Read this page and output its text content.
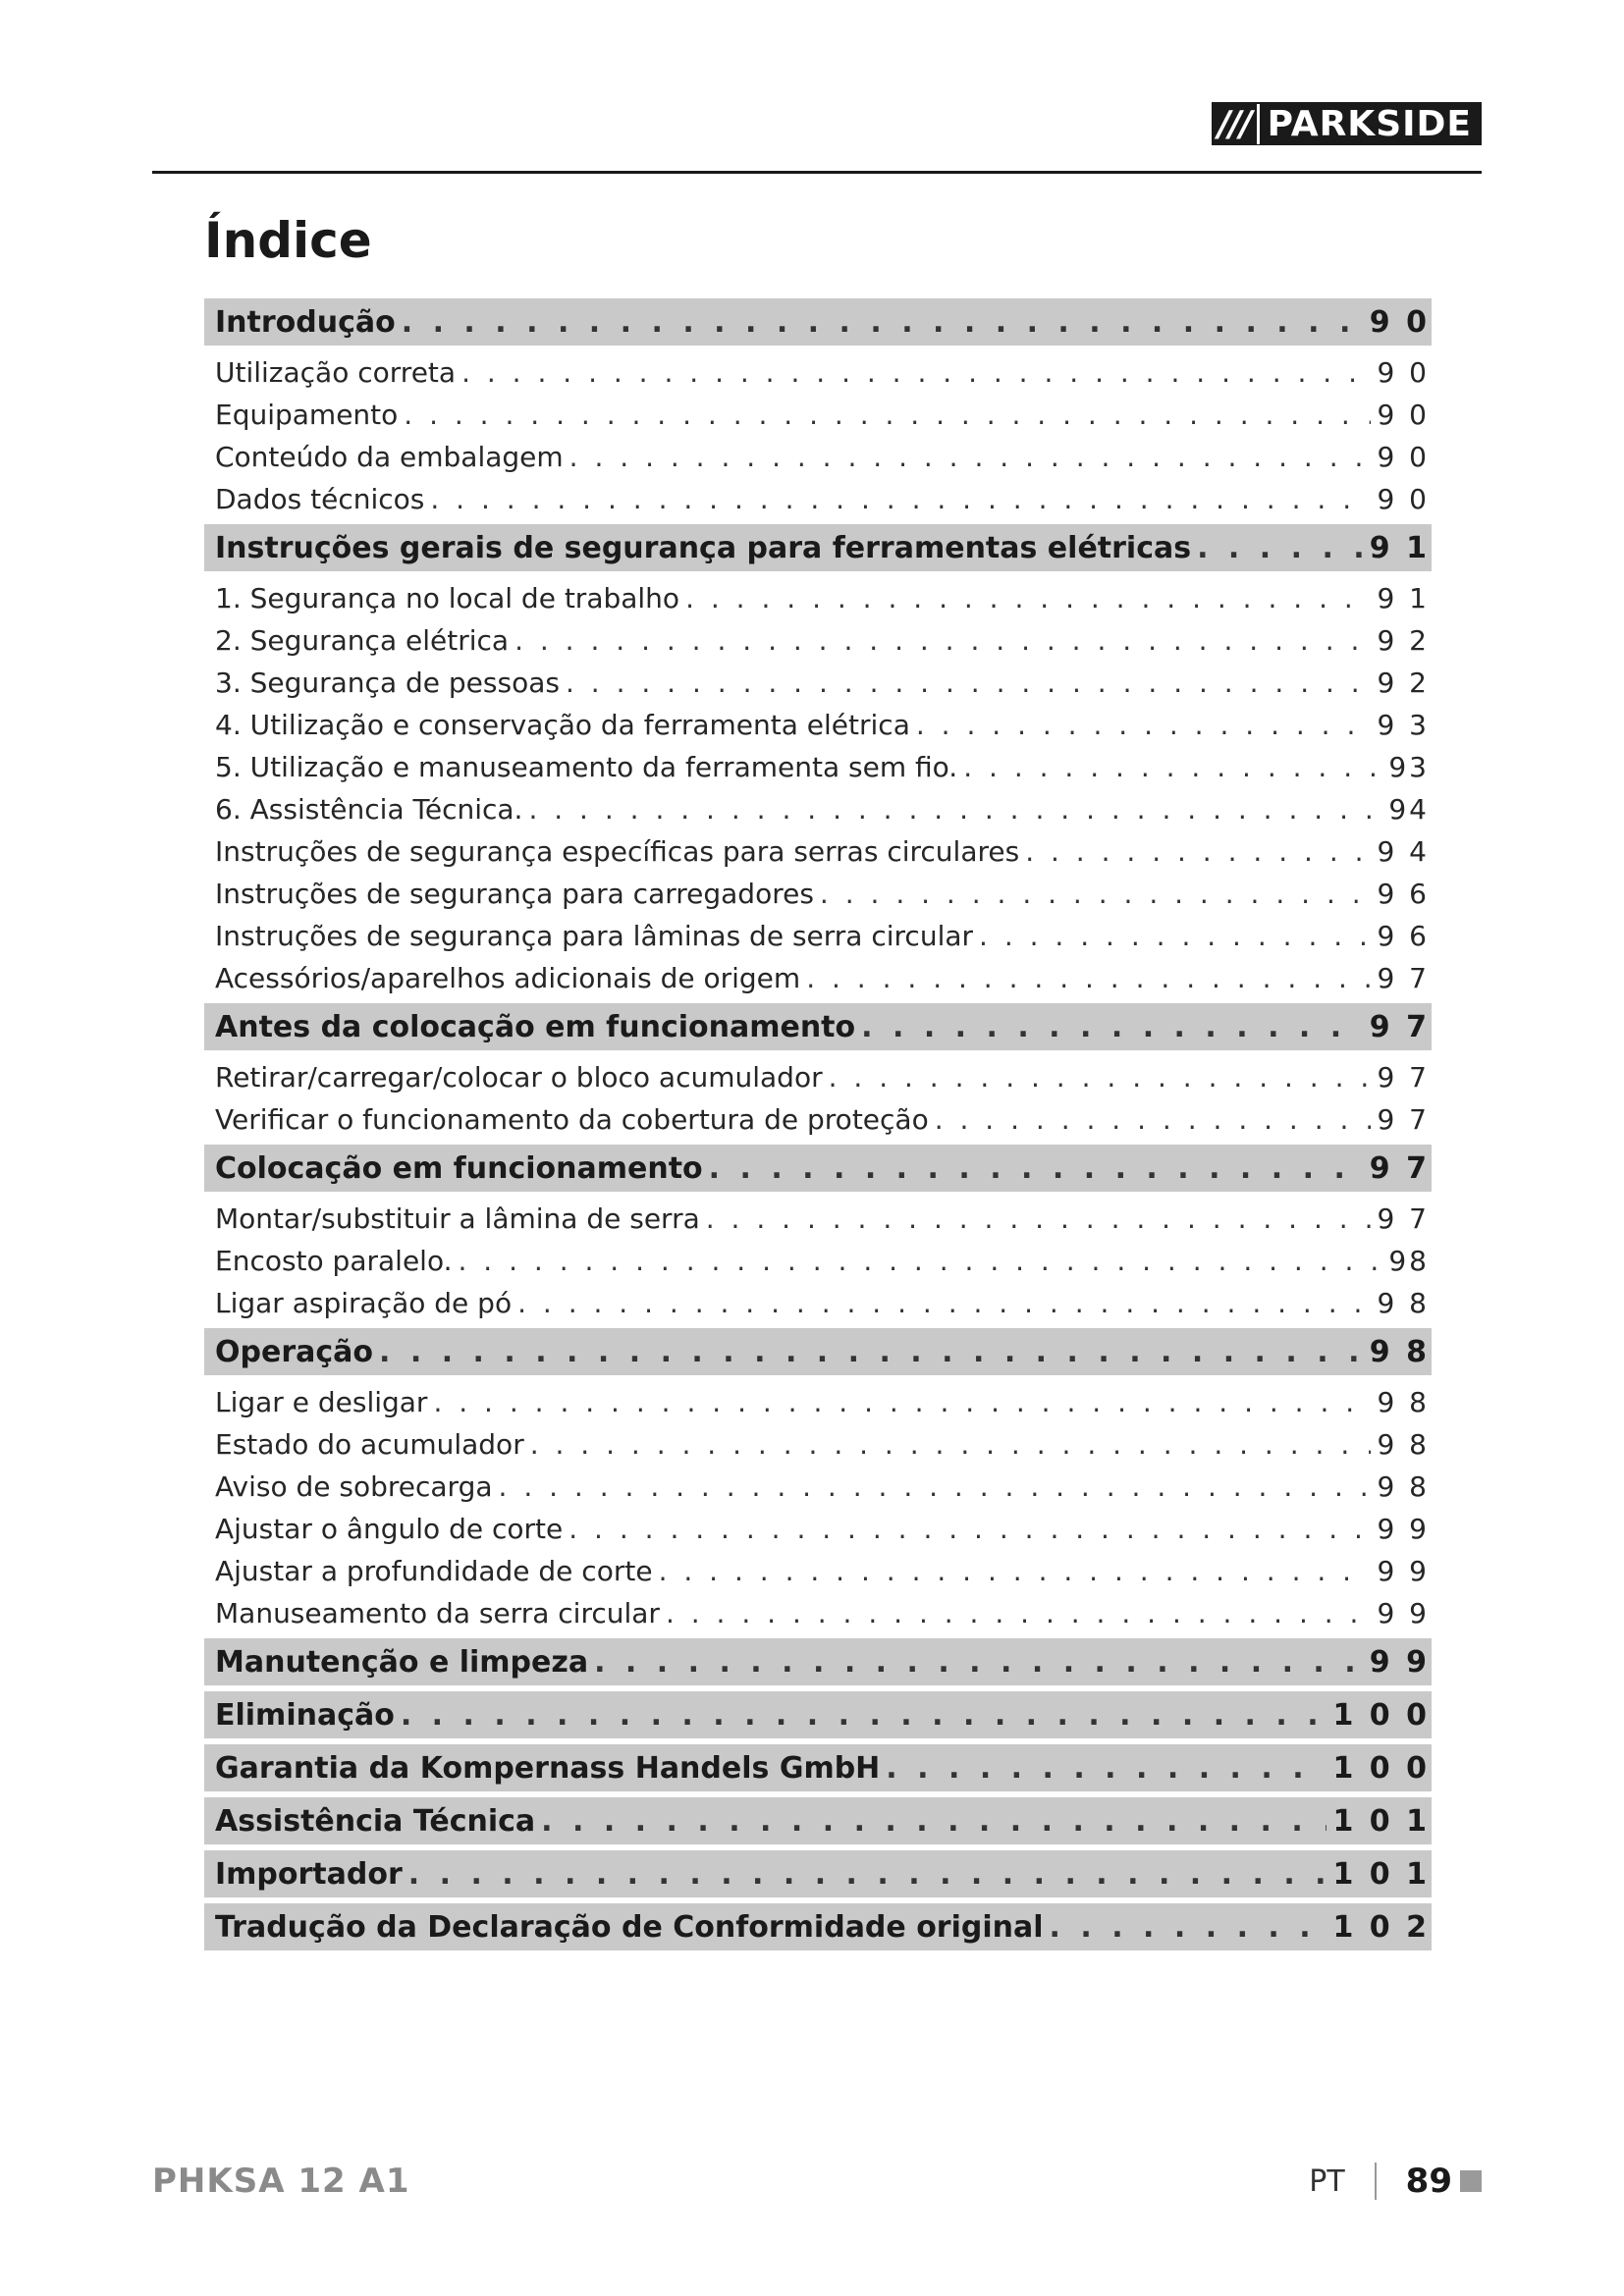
/// PARKSIDE
Índice
Introdução . . .	9 0
Utilização correta . . .	9 0
Equipamento . . .	9 0
Conteúdo da embalagem . . .	9 0
Dados técnicos . . .	9 0
Instruções gerais de segurança para ferramentas elétricas . . .	9 1
1. Segurança no local de trabalho . . .	9 1
2. Segurança elétrica . . .	9 2
3. Segurança de pessoas . . .	9 2
4. Utilização e conservação da ferramenta elétrica . . .	9 3
5. Utilização e manuseamento da ferramenta sem fio. . . .	93
6. Assistência Técnica. . . .	94
Instruções de segurança específicas para serras circulares . . .	9 4
Instruções de segurança para carregadores . . .	9 6
Instruções de segurança para lâminas de serra circular . . .	9 6
Acessórios/aparelhos adicionais de origem . . .	9 7
Antes da colocação em funcionamento . . .	9 7
Retirar/carregar/colocar o bloco acumulador . . .	9 7
Verificar o funcionamento da cobertura de proteção . . .	9 7
Colocação em funcionamento . . .	9 7
Montar/substituir a lâmina de serra . . .	9 7
Encosto paralelo. . . .	98
Ligar aspiração de pó . . .	9 8
Operação . . .	9 8
Ligar e desligar . . .	9 8
Estado do acumulador . . .	9 8
Aviso de sobrecarga . . .	9 8
Ajustar o ângulo de corte . . .	9 9
Ajustar a profundidade de corte . . .	9 9
Manuseamento da serra circular . . .	9 9
Manutenção e limpeza . . .	9 9
Eliminação . . .	1 0 0
Garantia da Kompernass Handels GmbH . . .	1 0 0
Assistência Técnica . . .	1 0 1
Importador . . .	1 0 1
Tradução da Declaração de Conformidade original . . .	1 0 2
PHKSA 12 A1	PT 89
